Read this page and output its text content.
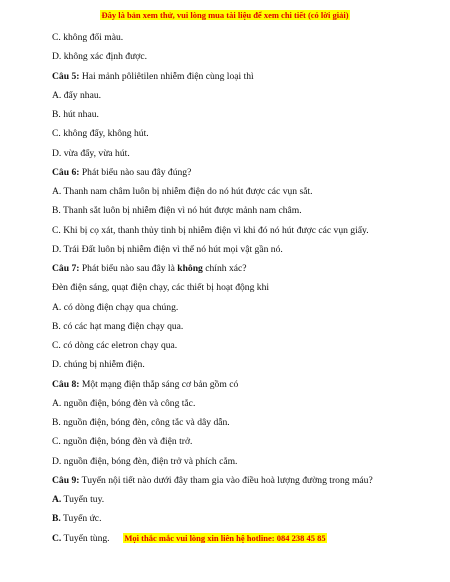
Đây là bản xem thử, vui lòng mua tài liệu để xem chi tiết (có lời giải)
C. không đổi màu.
D. không xác định được.
Câu 5: Hai mảnh pôliêtilen nhiễm điện cùng loại thì
A. đẩy nhau.
B. hút nhau.
C. không đẩy, không hút.
D. vừa đẩy, vừa hút.
Câu 6: Phát biểu nào sau đây đúng?
A. Thanh nam châm luôn bị nhiễm điện do nó hút được các vụn sắt.
B. Thanh sắt luôn bị nhiễm điện vì nó hút được mảnh nam châm.
C. Khi bị cọ xát, thanh thủy tinh bị nhiễm điện vì khi đó nó hút được các vụn giấy.
D. Trái Đất luôn bị nhiễm điện vì thế nó hút mọi vật gần nó.
Câu 7: Phát biểu nào sau đây là không chính xác?
Đèn điện sáng, quạt điện chạy, các thiết bị hoạt động khi
A. có dòng điện chạy qua chúng.
B. có các hạt mang điện chạy qua.
C. có dòng các eletron chạy qua.
D. chúng bị nhiễm điện.
Câu 8: Một mạng điện thắp sáng cơ bản gồm có
A. nguồn điện, bóng đèn và công tắc.
B. nguồn điện, bóng đèn, công tắc và dây dẫn.
C. nguồn điện, bóng đèn và điện trở.
D. nguồn điện, bóng đèn, điện trở và phích cắm.
Câu 9: Tuyến nội tiết nào dưới đây tham gia vào điều hoà lượng đường trong máu?
A. Tuyến tuy.
B. Tuyến ức.
C. Tuyến tùng.	Mọi thắc mắc vui lòng xin liên hệ hotline: 084 238 45 85
